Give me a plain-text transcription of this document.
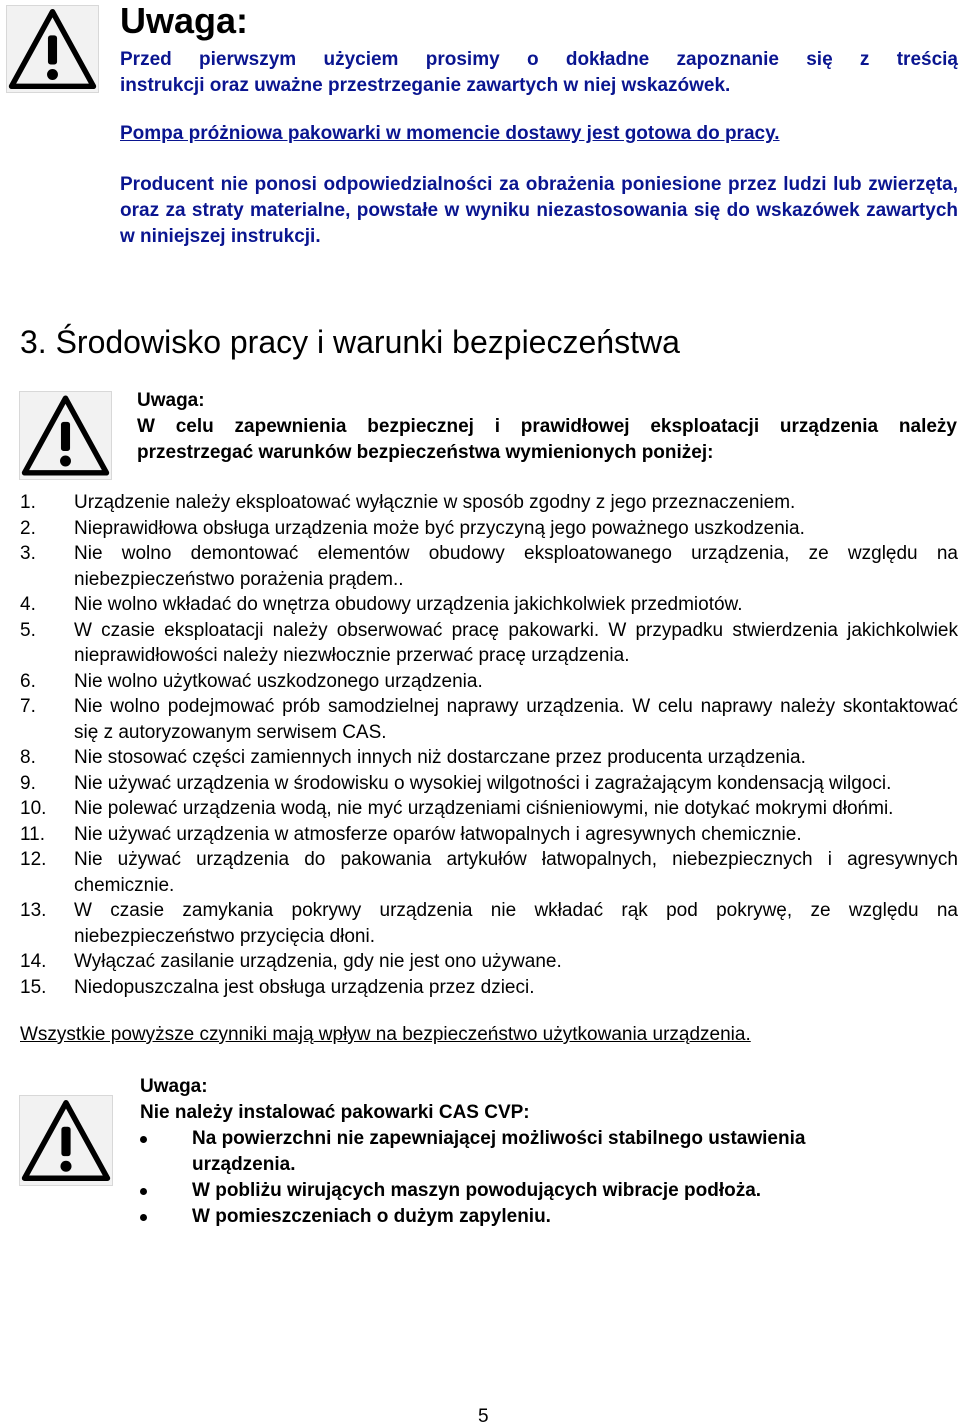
Uwaga:
Przed pierwszym użyciem prosimy o dokładne zapoznanie się z treścią
instrukcji oraz uważne przestrzeganie zawartych w niej wskazówek.
Pompa próżniowa pakowarki w momencie dostawy jest gotowa do pracy.
Producent nie ponosi odpowiedzialności za obrażenia poniesione przez ludzi lub zwierzęta, oraz za straty materialne, powstałe w wyniku niezastosowania się do wskazówek zawartych w niniejszej instrukcji.
3. Środowisko pracy i warunki bezpieczeństwa
Uwaga:
W celu zapewnienia bezpiecznej i prawidłowej eksploatacji urządzenia należy
przestrzegać warunków bezpieczeństwa wymienionych poniżej:
1. Urządzenie należy eksploatować wyłącznie w sposób zgodny z jego przeznaczeniem.
2. Nieprawidłowa obsługa urządzenia może być przyczyną jego poważnego uszkodzenia.
3. Nie wolno demontować elementów obudowy eksploatowanego urządzenia, ze względu na niebezpieczeństwo porażenia prądem..
4. Nie wolno wkładać do wnętrza obudowy urządzenia jakichkolwiek przedmiotów.
5. W czasie eksploatacji należy obserwować pracę pakowarki. W przypadku stwierdzenia jakichkolwiek nieprawidłowości należy niezwłocznie przerwać pracę urządzenia.
6. Nie wolno użytkować uszkodzonego urządzenia.
7. Nie wolno podejmować prób samodzielnej naprawy urządzenia. W celu naprawy należy skontaktować się z autoryzowanym serwisem CAS.
8. Nie stosować części zamiennych innych niż dostarczane przez producenta urządzenia.
9. Nie używać urządzenia w środowisku o wysokiej wilgotności i zagrażającym kondensacją wilgoci.
10. Nie polewać urządzenia wodą, nie myć urządzeniami ciśnieniowymi, nie dotykać mokrymi dłońmi.
11. Nie używać urządzenia w atmosferze oparów łatwopalnych i agresywnych chemicznie.
12. Nie używać urządzenia do pakowania artykułów łatwopalnych, niebezpiecznych i agresywnych chemicznie.
13. W czasie zamykania pokrywy urządzenia nie wkładać rąk pod pokrywę, ze względu na niebezpieczeństwo przycięcia dłoni.
14. Wyłączać zasilanie urządzenia, gdy nie jest ono używane.
15. Niedopuszczalna jest obsługa urządzenia przez dzieci.
Wszystkie powyższe czynniki mają wpływ na bezpieczeństwo użytkowania urządzenia.
Uwaga:
Nie należy instalować pakowarki CAS CVP:
Na powierzchni nie zapewniającej możliwości stabilnego ustawienia urządzenia.
W pobliżu wirujących maszyn powodujących wibracje podłoża.
W pomieszczeniach o dużym zapyleniu.
5
